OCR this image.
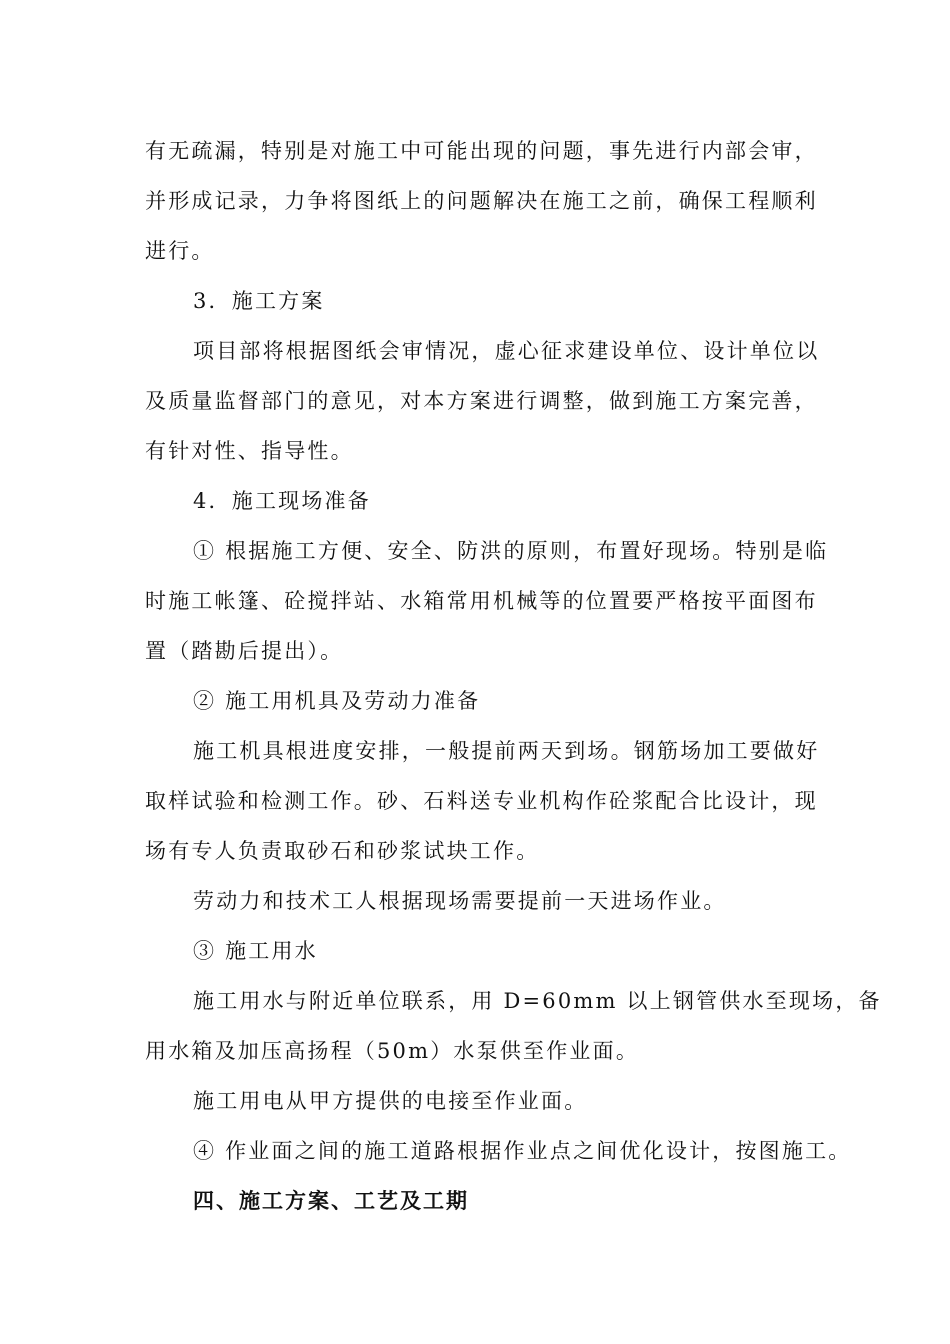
有无疏漏，特别是对施工中可能出现的问题，事先进行内部会审，
并形成记录，力争将图纸上的问题解决在施工之前，确保工程顺利
进行。
3．施工方案
项目部将根据图纸会审情况，虚心征求建设单位、设计单位以
及质量监督部门的意见，对本方案进行调整，做到施工方案完善，
有针对性、指导性。
4．施工现场准备
① 根据施工方便、安全、防洪的原则，布置好现场。特别是临
时施工帐篷、砼搅拌站、水箱常用机械等的位置要严格按平面图布
置（踏勘后提出）。
② 施工用机具及劳动力准备
施工机具根进度安排，一般提前两天到场。钢筋场加工要做好
取样试验和检测工作。砂、石料送专业机构作砼浆配合比设计，现
场有专人负责取砂石和砂浆试块工作。
劳动力和技术工人根据现场需要提前一天进场作业。
③ 施工用水
施工用水与附近单位联系，用 D=60mm 以上钢管供水至现场，备
用水箱及加压高扬程（50m）水泵供至作业面。
施工用电从甲方提供的电接至作业面。
④ 作业面之间的施工道路根据作业点之间优化设计，按图施工。
四、施工方案、工艺及工期
